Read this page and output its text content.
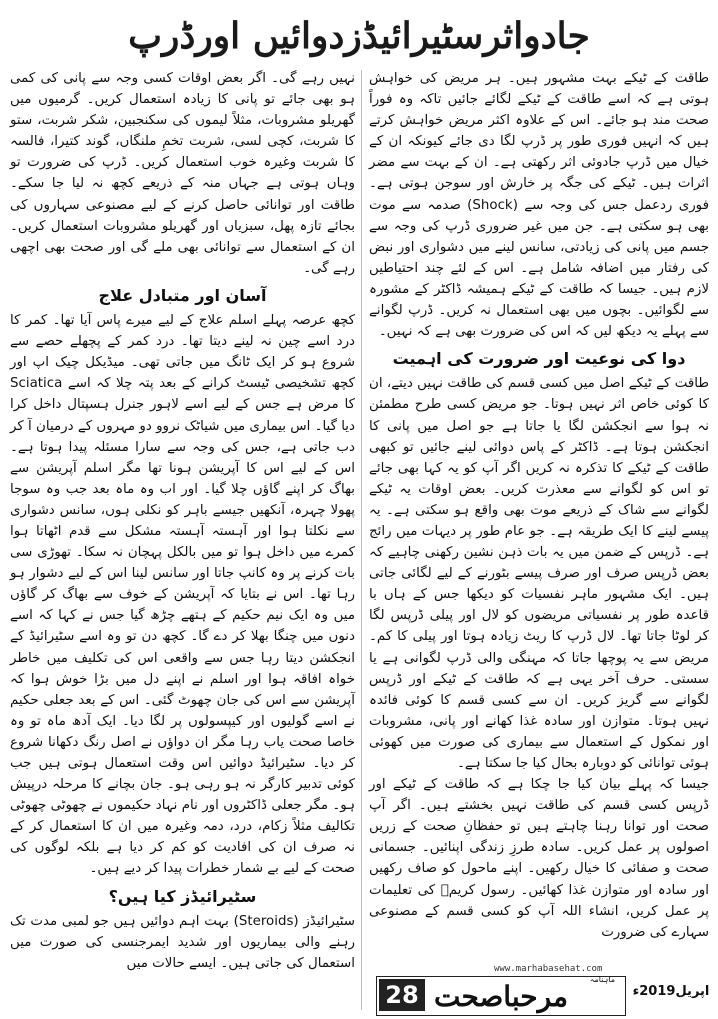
جادواثرسٹیرائیڈزدوائیں اورڈرپ

طاقت کے ٹیکے بہت مشہور ہیں۔ ہر مریض کی خواہش ہوتی ہے کہ اسے طاقت کے ٹیکے لگائے جائیں تاکہ وہ فوراً صحت مند ہو جائے۔ اس کے علاوہ اکثر مریض خواہش کرتے ہیں کہ انہیں فوری طور پر ڈرپ لگا دی جائے کیونکہ ان کے خیال میں ڈرپ جادوئی اثر رکھتی ہے۔ ان کے بہت سے مضر اثرات ہیں۔ ٹیکے کی جگہ پر خارش اور سوجن ہوتی ہے۔ فوری ردعمل جس کی وجہ سے (Shock) صدمہ سے موت بھی ہو سکتی ہے۔ جن میں غیر ضروری ڈرپ کی وجہ سے جسم میں پانی کی زیادتی، سانس لینے میں دشواری اور نبض کی رفتار میں اضافہ شامل ہے۔ اس کے لئے چند احتیاطیں لازم ہیں۔ جیسا کہ طاقت کے ٹیکے ہمیشہ ڈاکٹر کے مشورہ سے لگوائیں۔ بچوں میں بھی استعمال نہ کریں۔ ڈرپ لگوانے سے پہلے یہ دیکھ لیں کہ اس کی ضرورت بھی ہے کہ نہیں۔

دوا کی نوعیت اور ضرورت کی اہمیت

طاقت کے ٹیکے اصل میں کسی قسم کی طاقت نہیں دیتے، ان کا کوئی خاص اثر نہیں ہوتا۔ جو مریض کسی طرح مطمئن نہ ہوا سے انجکشن لگا یا جاتا ہے جو اصل میں پانی کا انجکشن ہوتا ہے۔ ڈاکٹر کے پاس دوائی لینے جائیں تو کبھی طاقت کے ٹیکے کا تذکرہ نہ کریں اگر آپ کو یہ کہا بھی جائے تو اس کو لگوانے سے معذرت کریں۔ بعض اوقات یہ ٹیکے لگوانے سے شاک کے ذریعے موت بھی واقع ہو سکتی ہے۔ یہ پیسے لینے کا ایک طریقہ ہے۔ جو عام طور پر دیہات میں رائج ہے۔ ڈرپس کے ضمن میں یہ بات ذہن نشین رکھنی چاہیے کہ بعض ڈرپس صرف اور صرف پیسے بٹورنے کے لیے لگائی جاتی ہیں۔ ایک مشہور ماہر نفسیات کو دیکھا جس کے ہاں با قاعدہ طور پر نفسیاتی مریضوں کو لال اور پیلی ڈرپس لگا کر لوٹا جاتا تھا۔ لال ڈرپ کا ریٹ زیادہ ہوتا اور پیلی کا کم۔ مریض سے یہ پوچھا جاتا کہ مہنگی والی ڈرپ لگوانی ہے یا سستی۔ حرف آخر یہی ہے کہ طاقت کے ٹیکے اور ڈرپس لگوانے سے گریز کریں۔ ان سے کسی قسم کا کوئی فائدہ نہیں ہوتا۔ متوازن اور سادہ غذا کھانے اور پانی، مشروبات اور نمکول کے استعمال سے بیماری کی صورت میں کھوئی ہوئی توانائی کو دوبارہ بحال کیا جا سکتا ہے۔

جیسا کہ پہلے بیان کیا جا چکا ہے کہ طاقت کے ٹیکے اور ڈرپس کسی قسم کی طاقت نہیں بخشتے ہیں۔ اگر آپ صحت اور توانا رہنا چاہتے ہیں تو حفظانِ صحت کے زریں اصولوں پر عمل کریں۔ سادہ طرزِ زندگی اپنائیں۔ جسمانی صحت و صفائی کا خیال رکھیں۔ اپنے ماحول کو صاف رکھیں اور سادہ اور متوازن غذا کھائیں۔ رسول کریمؐ کی تعلیمات پر عمل کریں، انشاء اللہ آپ کو کسی قسم کے مصنوعی سہارے کی ضرورت

نہیں رہے گی۔ اگر بعض اوقات کسی وجہ سے پانی کی کمی ہو بھی جائے تو پانی کا زیادہ استعمال کریں۔ گرمیوں میں گھریلو مشروبات، مثلاً لیموں کی سکنجبین، شکر شربت، ستو کا شربت، کچی لسی، شربت تخمِ ملنگاں، گوند کتیرا، فالسہ کا شربت وغیرہ خوب استعمال کریں۔ ڈرپ کی ضرورت تو وہاں ہوتی ہے جہاں منہ کے ذریعے کچھ نہ لیا جا سکے۔ طاقت اور توانائی حاصل کرنے کے لیے مصنوعی سہاروں کی بجائے تازہ پھل، سبزیاں اور گھریلو مشروبات استعمال کریں۔ ان کے استعمال سے توانائی بھی ملے گی اور صحت بھی اچھی رہے گی۔

آسان اور متبادل علاج

کچھ عرصہ پہلے اسلم علاج کے لیے میرے پاس آیا تھا۔ کمر کا درد اسے چین نہ لینے دیتا تھا۔ درد کمر کے پچھلے حصے سے شروع ہو کر ایک ٹانگ میں جاتی تھی۔ میڈیکل چیک اپ اور کچھ تشخیصی ٹیسٹ کرانے کے بعد پتہ چلا کہ اسے Sciatica کا مرض ہے جس کے لیے اسے لاہور جنرل ہسپتال داخل کرا دیا گیا۔ اس بیماری میں شیاٹک نروو دو مہروں کے درمیان آ کر دب جاتی ہے، جس کی وجہ سے سارا مسئلہ پیدا ہوتا ہے۔ اس کے لیے اس کا آپریشن ہونا تھا مگر اسلم آپریشن سے بھاگ کر اپنے گاؤں چلا گیا۔ اور اب وہ ماہ بعد جب وہ سوجا پھولا چہرہ، آنکھیں جیسے باہر کو نکلی ہوں، سانس دشواری سے نکلتا ہوا اور آہستہ آہستہ مشکل سے قدم اٹھاتا ہوا کمرے میں داخل ہوا تو میں بالکل پہچان نہ سکا۔ تھوڑی سی بات کرنے پر وہ کانپ جاتا اور سانس لینا اس کے لیے دشوار ہو رہا تھا۔ اس نے بتایا کہ آپریشن کے خوف سے بھاگ کر گاؤں میں وہ ایک نیم حکیم کے ہتھے چڑھ گیا جس نے کہا کہ اسے دنوں میں چنگا بھلا کر دے گا۔ کچھ دن تو وہ اسے سٹیرائیڈ کے انجکشن دیتا رہا جس سے واقعی اس کی تکلیف میں خاطر خواہ افاقہ ہوا اور اسلم نے اپنے دل میں بڑا خوش ہوا کہ آپریشن سے اس کی جان چھوٹ گئی۔ اس کے بعد جعلی حکیم نے اسے گولیوں اور کیپسولوں پر لگا دیا۔ ایک آدھ ماہ تو وہ خاصا صحت یاب رہا مگر ان دواؤں نے اصل رنگ دکھانا شروع کر دیا۔ سٹیرائیڈ دوائیں اس وقت استعمال ہوتی ہیں جب کوئی تدبیر کارگر نہ ہو رہی ہو۔ جان بچانے کا مرحلہ درپیش ہو۔ مگر جعلی ڈاکٹروں اور نام نہاد حکیموں نے چھوٹی چھوٹی تکالیف مثلاً زکام، درد، دمہ وغیرہ میں ان کا استعمال کر کے نہ صرف ان کی افادیت کو کم کر دیا ہے بلکہ لوگوں کی صحت کے لیے بے شمار خطرات پیدا کر دیے ہیں۔

سٹیرائیڈز کیا ہیں؟

سٹیرائیڈز (Steroids) بہت اہم دوائیں ہیں جو لمبی مدت تک رہنے والی بیماریوں اور شدید ایمرجنسی کی صورت میں استعمال کی جاتی ہیں۔ ایسے حالات میں	www.marhabasehat.com
ماہنامہ
مرحباصحت
28	اپریل2019ء
